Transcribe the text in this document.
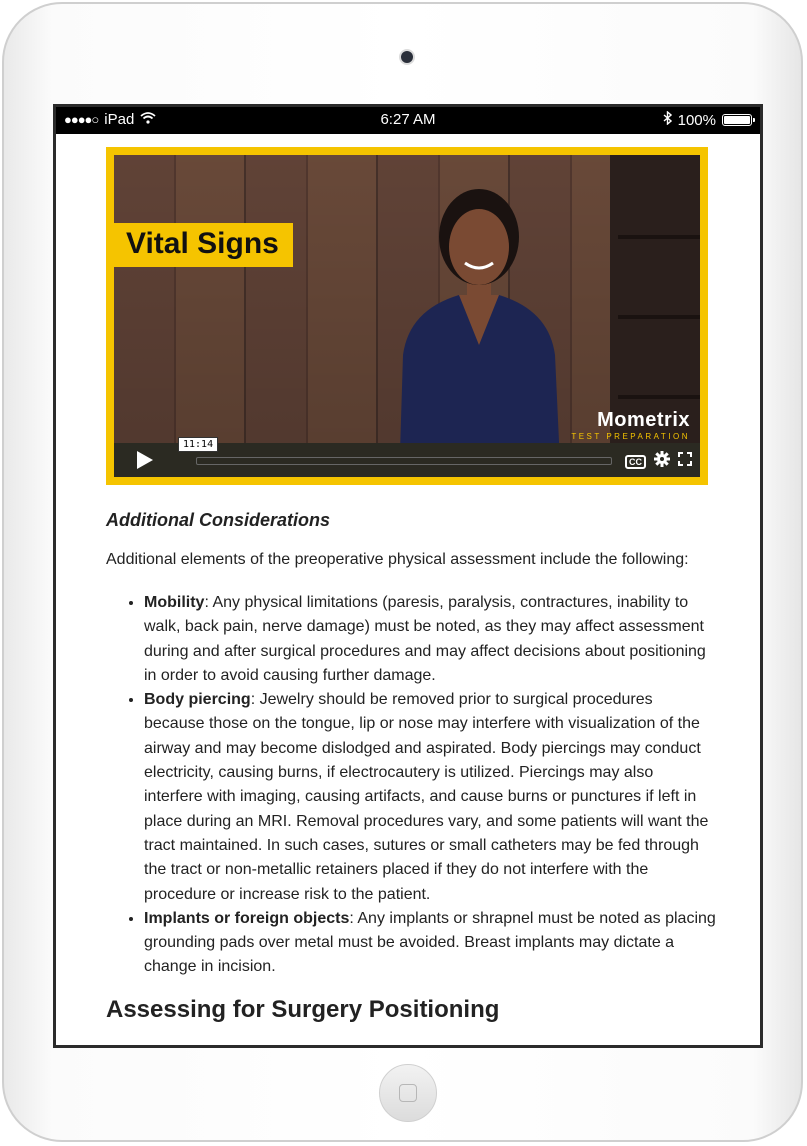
●●●●○ iPad	6:27 AM	100%
Vital Signs
Mometrix
TEST PREPARATION
11:14
CC
Additional Considerations
Additional elements of the preoperative physical assessment include the following:
• Mobility: Any physical limitations (paresis, paralysis, contractures, inability to walk, back pain, nerve damage) must be noted, as they may affect assessment during and after surgical procedures and may affect decisions about positioning in order to avoid causing further damage.
• Body piercing: Jewelry should be removed prior to surgical procedures because those on the tongue, lip or nose may interfere with visualization of the airway and may become dislodged and aspirated. Body piercings may conduct electricity, causing burns, if electrocautery is utilized. Piercings may also interfere with imaging, causing artifacts, and cause burns or punctures if left in place during an MRI. Removal procedures vary, and some patients will want the tract maintained. In such cases, sutures or small catheters may be fed through the tract or non-metallic retainers placed if they do not interfere with the procedure or increase risk to the patient.
• Implants or foreign objects: Any implants or shrapnel must be noted as placing grounding pads over metal must be avoided. Breast implants may dictate a change in incision.
Assessing for Surgery Positioning
